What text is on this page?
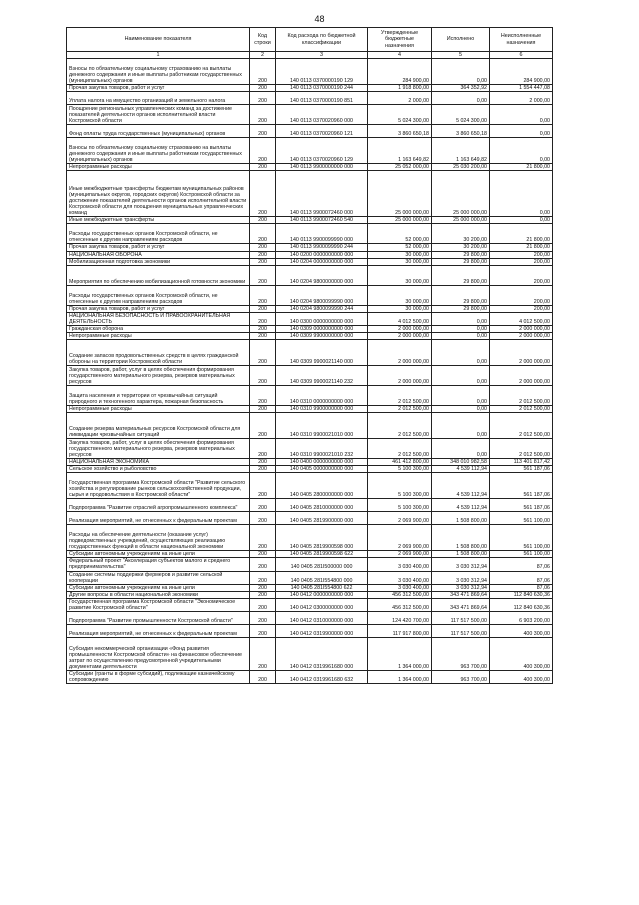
48
Наименование показателя	Код строки	Код расхода по бюджетной классификации	Утвержденные бюджетные назначения	Исполнено	Неисполненные назначения
1	2	3	4	5	6
Взносы по обязательному социальному страхованию на выплаты денежного содержания и иные выплаты работникам государственных (муниципальных) органов	200	140 0113 0370000190 129	284 900,00	0,00	284 900,00
Прочая закупка товаров, работ и услуг	200	140 0113 0370000190 244	1 918 800,00	364 352,92	1 554 447,08
Уплата налога на имущество организаций и земельного налога	200	140 0113 0370000190 851	2 000,00	0,00	2 000,00
Поощрение региональных управленческих команд за достижение показателей деятельности органов исполнительной власти Костромской области	200	140 0113 0370020960 000	5 024 300,00	5 024 300,00	0,00
Фонд оплаты труда государственных (муниципальных) органов	200	140 0113 0370020960 121	3 860 650,18	3 860 650,18	0,00
Взносы по обязательному социальному страхованию на выплаты денежного содержания и иные выплаты работникам государственных (муниципальных) органов	200	140 0113 0370020960 129	1 163 649,82	1 163 649,82	0,00
Непрограммные расходы	200	140 0113 9900000000 000	25 052 000,00	25 030 200,00	21 800,00
Иные межбюджетные трансферты бюджетам муниципальных районов (муниципальных округов, городских округов) Костромской области за достижение показателей деятельности органов исполнительной власти Костромской области для поощрения муниципальных управленческих команд	200	140 0113 9900072460 000	25 000 000,00	25 000 000,00	0,00
Иные межбюджетные трансферты	200	140 0113 9900072460 540	25 000 000,00	25 000 000,00	0,00
Расходы государственных органов Костромской области, не отнесенные к другим направлениям расходов	200	140 0113 9900099990 000	52 000,00	30 200,00	21 800,00
Прочая закупка товаров, работ и услуг	200	140 0113 9900099990 244	52 000,00	30 200,00	21 800,00
НАЦИОНАЛЬНАЯ ОБОРОНА	200	140 0200 0000000000 000	30 000,00	29 800,00	200,00
Мобилизационная подготовка экономики	200	140 0204 0000000000 000	30 000,00	29 800,00	200,00
Мероприятия по обеспечению мобилизационной готовности экономики	200	140 0204 9800000000 000	30 000,00	29 800,00	200,00
Расходы государственных органов Костромской области, не отнесенные к другим направлениям расходов	200	140 0204 9800099990 000	30 000,00	29 800,00	200,00
Прочая закупка товаров, работ и услуг	200	140 0204 9800099990 244	30 000,00	29 800,00	200,00
НАЦИОНАЛЬНАЯ БЕЗОПАСНОСТЬ И ПРАВООХРАНИТЕЛЬНАЯ ДЕЯТЕЛЬНОСТЬ	200	140 0300 0000000000 000	4 012 500,00	0,00	4 012 500,00
Гражданская оборона	200	140 0309 0000000000 000	2 000 000,00	0,00	2 000 000,00
Непрограммные расходы	200	140 0309 9900000000 000	2 000 000,00	0,00	2 000 000,00
Создание запасов продовольственных средств в целях гражданской обороны на территории Костромской области	200	140 0309 9900021140 000	2 000 000,00	0,00	2 000 000,00
Закупка товаров, работ, услуг в целях обеспечения формирования государственного материального резерва, резервов материальных ресурсов	200	140 0309 9900021140 232	2 000 000,00	0,00	2 000 000,00
Защита населения и территории от чрезвычайных ситуаций природного и техногенного характера, пожарная безопасность	200	140 0310 0000000000 000	2 012 500,00	0,00	2 012 500,00
Непрограммные расходы	200	140 0310 9900000000 000	2 012 500,00	0,00	2 012 500,00
Создание резерва материальных ресурсов Костромской области для ликвидации чрезвычайных ситуаций	200	140 0310 9900021010 000	2 012 500,00	0,00	2 012 500,00
Закупка товаров, работ, услуг в целях обеспечения формирования государственного материального резерва, резервов материальных ресурсов	200	140 0310 9900021010 232	2 012 500,00	0,00	2 012 500,00
НАЦИОНАЛЬНАЯ ЭКОНОМИКА	200	140 0400 0000000000 000	461 412 800,00	348 010 982,58	113 401 817,42
Сельское хозяйство и рыболовство	200	140 0405 0000000000 000	5 100 300,00	4 539 112,94	561 187,06
Государственная программа Костромской области "Развитие сельского хозяйства и регулирование рынков сельскохозяйственной продукции, сырья и продовольствия в Костромской области"	200	140 0405 2800000000 000	5 100 300,00	4 539 112,94	561 187,06
Подпрограмма "Развитие отраслей агропромышленного комплекса"	200	140 0405 2810000000 000	5 100 300,00	4 539 112,94	561 187,06
Реализация мероприятий, не отнесенных к федеральным проектам	200	140 0405 2819900000 000	2 069 900,00	1 508 800,00	561 100,00
Расходы на обеспечение деятельности (оказание услуг) подведомственных учреждений, осуществляющих реализацию государственных функций в области национальной экономики	200	140 0405 2819900598 000	2 069 900,00	1 508 800,00	561 100,00
Субсидии автономным учреждениям на иные цели	200	140 0405 2819900598 622	2 069 900,00	1 508 800,00	561 100,00
Федеральный проект "Акселерация субъектов малого и среднего предпринимательства"	200	140 0405 281I500000 000	3 030 400,00	3 030 312,94	87,06
Создание системы поддержки фермеров и развитие сельской кооперации	200	140 0405 281I554800 000	3 030 400,00	3 030 312,94	87,06
Субсидии автономным учреждениям на иные цели	200	140 0405 281I554800 622	3 030 400,00	3 030 312,94	87,06
Другие вопросы в области национальной экономики	200	140 0412 0000000000 000	456 312 500,00	343 471 869,64	112 840 630,36
Государственная программа Костромской области "Экономическое развитие Костромской области"	200	140 0412 0300000000 000	456 312 500,00	343 471 869,64	112 840 630,36
Подпрограмма "Развитие промышленности Костромской области"	200	140 0412 0310000000 000	124 420 700,00	117 517 500,00	6 903 200,00
Реализация мероприятий, не отнесенных к федеральным проектам	200	140 0412 0319900000 000	117 917 800,00	117 517 500,00	400 300,00
Субсидия некоммерческой организации «Фонд развития промышленности Костромской области» на финансовое обеспечение затрат по осуществлению предусмотренной учредительными документами деятельности	200	140 0412 0319961680 000	1 364 000,00	963 700,00	400 300,00
Субсидии (гранты в форме субсидий), подлежащие казначейскому сопровождению	200	140 0412 0319961680 632	1 364 000,00	963 700,00	400 300,00
